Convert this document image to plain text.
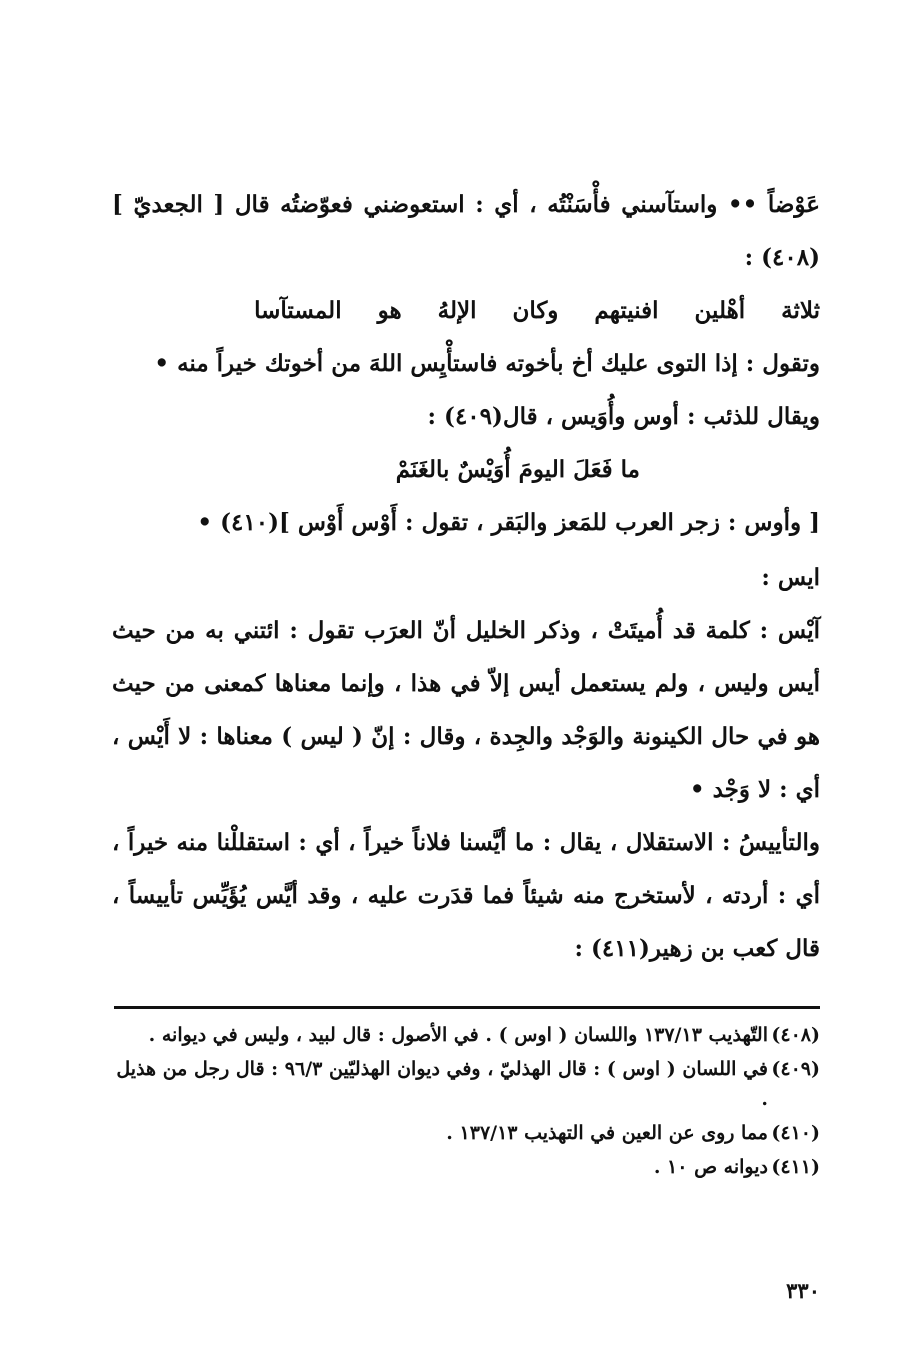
عَوْضاً •• واستآسني فأْسَنْتُه ، أي : استعوضني فعوّضتُه قال [ الجعديّ ](٤٠٨) :

ثلاثة أهْلين افنيتهم وكان الإلهُ هو المستآسا

وتقول : إذا التوى عليك أخ بأخوته فاستأْيِس اللهَ من أخوتك خيراً منه •

ويقال للذئب : أوس وأُوَيس ، قال(٤٠٩) :

ما فَعَلَ اليومَ أُوَيْسٌ بالغَنَمْ

[ وأوس : زجر العرب للمَعز والبَقر ، تقول : أَوْس أَوْس ](٤١٠) •

ايس :

آيْس : كلمة قد أُميتَتْ ، وذكر الخليل أنّ العرَب تقول : ائتني به من حيث أيس وليس ، ولم يستعمل أيس إلاّ في هذا ، وإنما معناها كمعنى من حيث هو في حال الكينونة والوَجْد والجِدة ، وقال : إنّ ( ليس ) معناها : لا أَيْس ، أي : لا وَجْد •

والتأييسُ : الاستقلال ، يقال : ما أيَّسنا فلاناً خيراً ، أي : استقللْنا منه خيراً ، أي : أردته ، لأستخرج منه شيئاً فما قدَرت عليه ، وقد أيَّس يُؤَيِّس تأييساً ، قال كعب بن زهير(٤١١) :

(٤٠٨)
التّهذيب ١٣٧/١٣ واللسان ( اوس ) . في الأصول : قال لبيد ، وليس في ديوانه .
(٤٠٩)
في اللسان ( اوس ) : قال الهذليّ ، وفي ديوان الهذليّين ٩٦/٣ : قال رجل من هذيل .
(٤١٠)
مما روى عن العين في التهذيب ١٣٧/١٣ .
(٤١١)
ديوانه ص ١٠ .
٣٣٠
